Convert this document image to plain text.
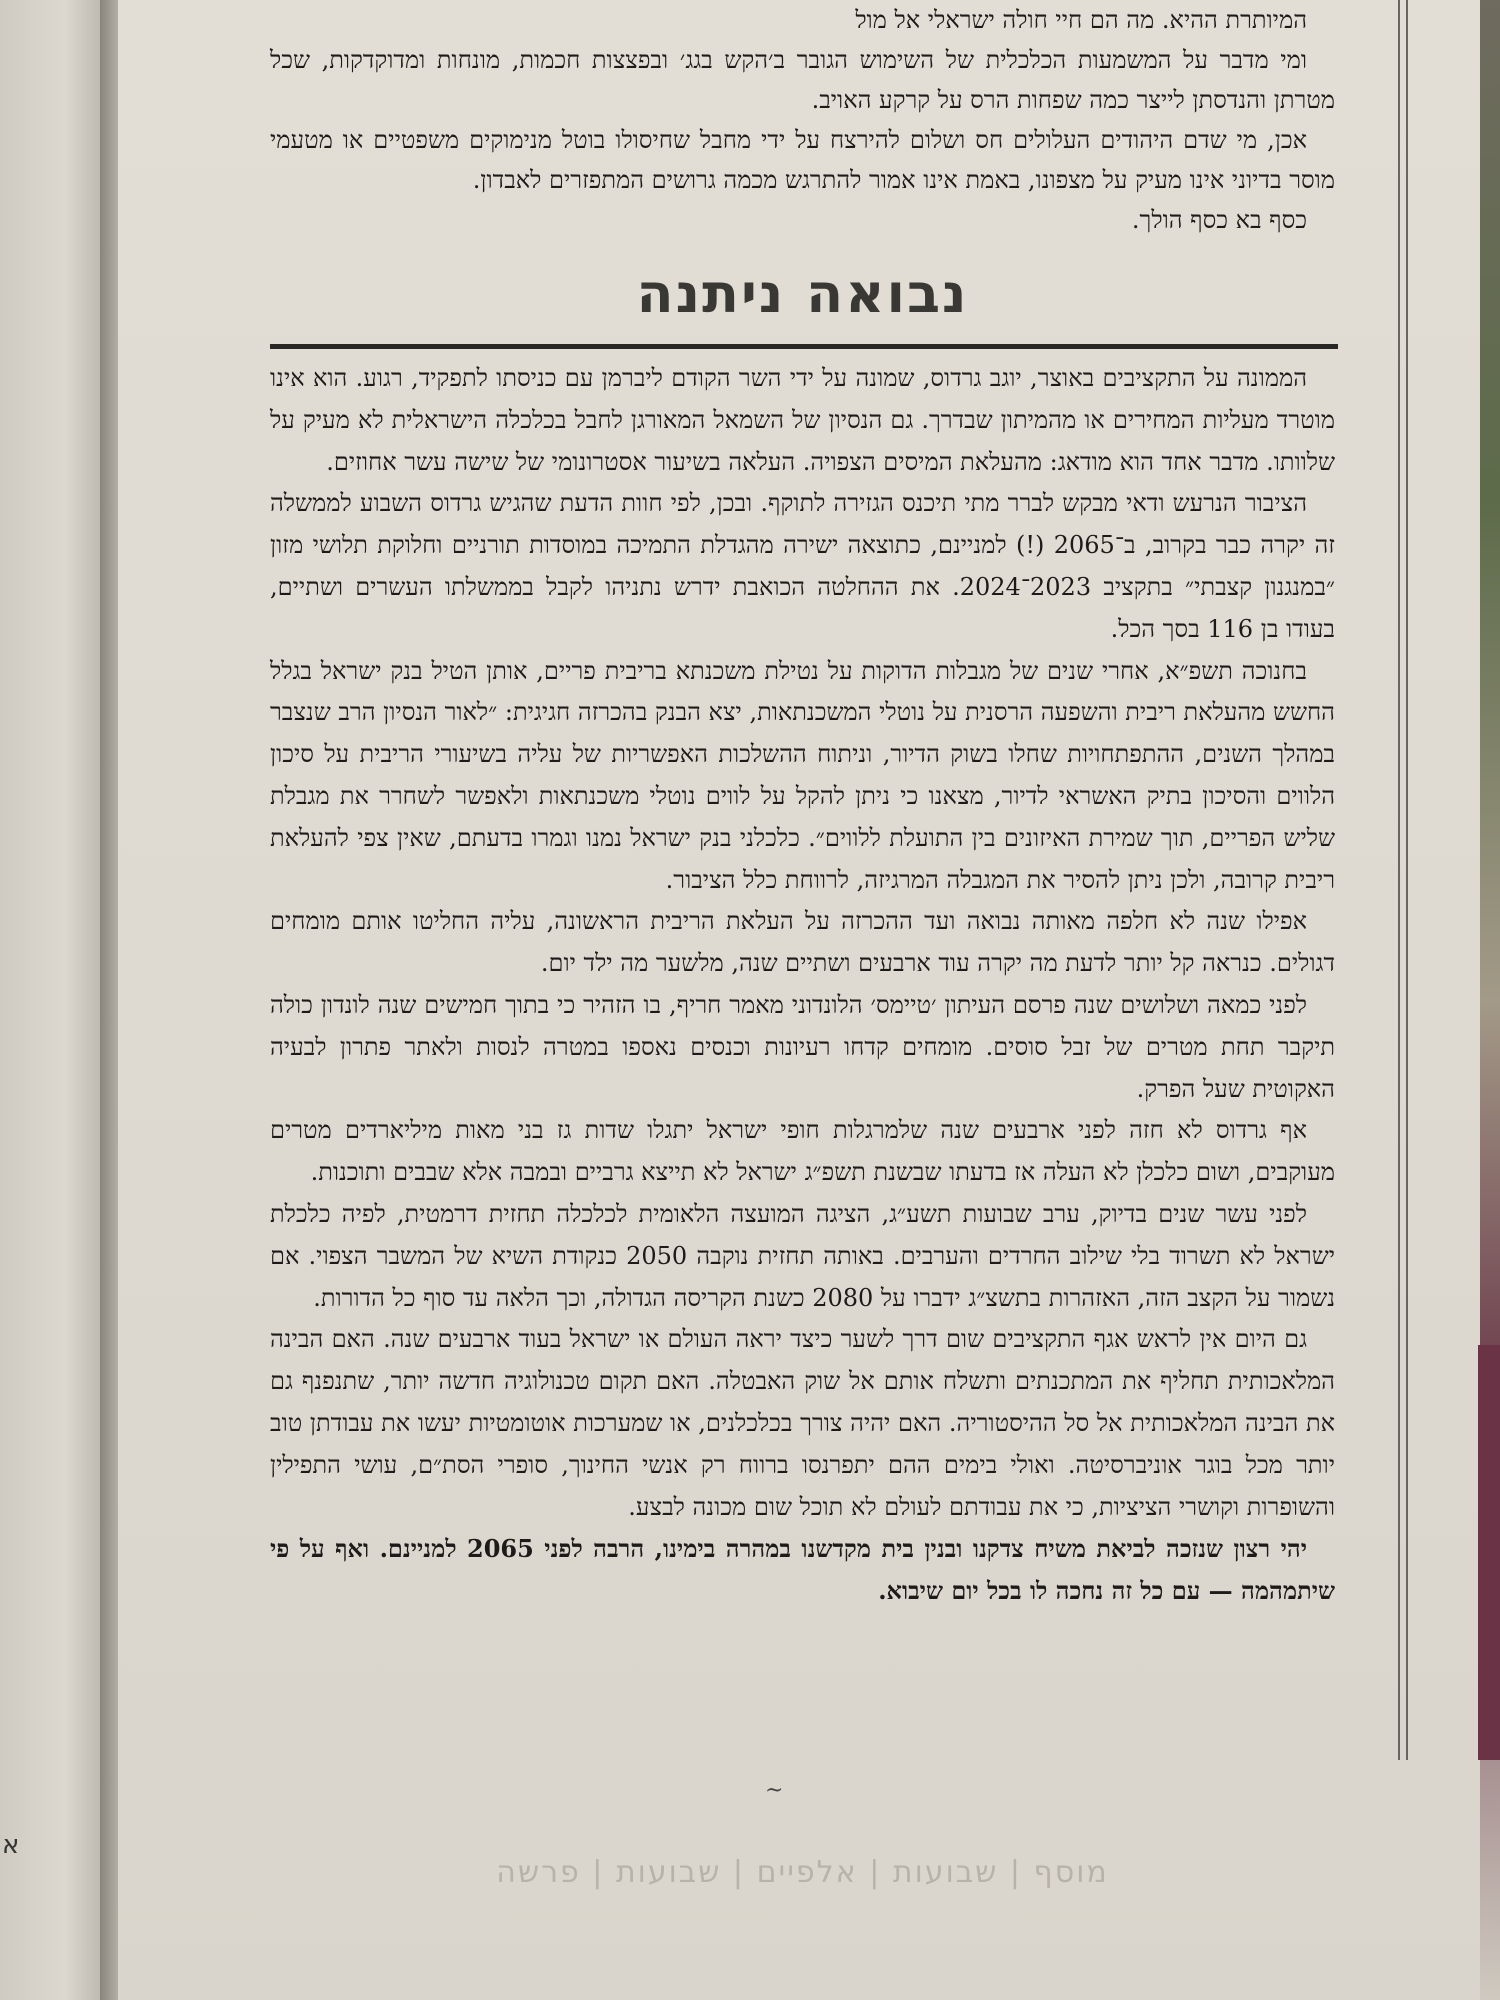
א

המיותרת ההיא. מה הם חיי חולה ישראלי אל מול

ומי מדבר על המשמעות הכלכלית של השימוש הגובר ב׳הקש בגג׳ ובפצצות חכמות, מונחות ומדוקדקות, שכל מטרתן והנדסתן לייצר כמה שפחות הרס על קרקע האויב.

אכן, מי שדם היהודים העלולים חס ושלום להירצח על ידי מחבל שחיסולו בוטל מנימוקים משפטיים או מטעמי מוסר בדיוני אינו מעיק על מצפונו, באמת אינו אמור להתרגש מכמה גרושים המתפזרים לאבדון.

כסף בא כסף הולך.

נבואה ניתנה

הממונה על התקציבים באוצר, יוגב גרדוס, שמונה על ידי השר הקודם ליברמן עם כניסתו לתפקיד, רגוע. הוא אינו מוטרד מעליות המחירים או מהמיתון שבדרך. גם הנסיון של השמאל המאורגן לחבל בכלכלה הישראלית לא מעיק על שלוותו. מדבר אחד הוא מודאג: מהעלאת המיסים הצפויה. העלאה בשיעור אסטרונומי של שישה עשר אחוזים.

הציבור הנרעש ודאי מבקש לברר מתי תיכנס הגזירה לתוקף. ובכן, לפי חוות הדעת שהגיש גרדוס השבוע לממשלה זה יקרה כבר בקרוב, ב־2065 (!) למניינם, כתוצאה ישירה מהגדלת התמיכה במוסדות תורניים וחלוקת תלושי מזון ״במנגנון קצבתי״ בתקציב 2023־2024. את ההחלטה הכואבת ידרש נתניהו לקבל בממשלתו העשרים ושתיים, בעודו בן 116 בסך הכל.

בחנוכה תשפ״א, אחרי שנים של מגבלות הדוקות על נטילת משכנתא בריבית פריים, אותן הטיל בנק ישראל בגלל החשש מהעלאת ריבית והשפעה הרסנית על נוטלי המשכנתאות, יצא הבנק בהכרזה חגיגית: ״לאור הנסיון הרב שנצבר במהלך השנים, ההתפתחויות שחלו בשוק הדיור, וניתוח ההשלכות האפשריות של עליה בשיעורי הריבית על סיכון הלווים והסיכון בתיק האשראי לדיור, מצאנו כי ניתן להקל על לווים נוטלי משכנתאות ולאפשר לשחרר את מגבלת שליש הפריים, תוך שמירת האיזונים בין התועלת ללווים״. כלכלני בנק ישראל נמנו וגמרו בדעתם, שאין צפי להעלאת ריבית קרובה, ולכן ניתן להסיר את המגבלה המרגיזה, לרווחת כלל הציבור.

אפילו שנה לא חלפה מאותה נבואה ועד ההכרזה על העלאת הריבית הראשונה, עליה החליטו אותם מומחים דגולים. כנראה קל יותר לדעת מה יקרה עוד ארבעים ושתיים שנה, מלשער מה ילד יום.

לפני כמאה ושלושים שנה פרסם העיתון ׳טיימס׳ הלונדוני מאמר חריף, בו הזהיר כי בתוך חמישים שנה לונדון כולה תיקבר תחת מטרים של זבל סוסים. מומחים קדחו רעיונות וכנסים נאספו במטרה לנסות ולאתר פתרון לבעיה האקוטית שעל הפרק.

אף גרדוס לא חזה לפני ארבעים שנה שלמרגלות חופי ישראל יתגלו שדות גז בני מאות מיליארדים מטרים מעוקבים, ושום כלכלן לא העלה אז בדעתו שבשנת תשפ״ג ישראל לא תייצא גרביים ובמבה אלא שבבים ותוכנות.

לפני עשר שנים בדיוק, ערב שבועות תשע״ג, הציגה המועצה הלאומית לכלכלה תחזית דרמטית, לפיה כלכלת ישראל לא תשרוד בלי שילוב החרדים והערבים. באותה תחזית נוקבה 2050 כנקודת השיא של המשבר הצפוי. אם נשמור על הקצב הזה, האזהרות בתשצ״ג ידברו על 2080 כשנת הקריסה הגדולה, וכך הלאה עד סוף כל הדורות.

גם היום אין לראש אגף התקציבים שום דרך לשער כיצד יראה העולם או ישראל בעוד ארבעים שנה. האם הבינה המלאכותית תחליף את המתכנתים ותשלח אותם אל שוק האבטלה. האם תקום טכנולוגיה חדשה יותר, שתנפנף גם את הבינה המלאכותית אל סל ההיסטוריה. האם יהיה צורך בכלכלנים, או שמערכות אוטומטיות יעשו את עבודתן טוב יותר מכל בוגר אוניברסיטה. ואולי בימים ההם יתפרנסו ברווח רק אנשי החינוך, סופרי הסת״ם, עושי התפילין והשופרות וקושרי הציציות, כי את עבודתם לעולם לא תוכל שום מכונה לבצע.

יהי רצון שנזכה לביאת משיח צדקנו ובנין בית מקדשנו במהרה בימינו, הרבה לפני 2065 למניינם. ואף על פי שיתמהמה — עם כל זה נחכה לו בכל יום שיבוא.

~
מוסף | שבועות | אלפיים | שבועות | פרשה
